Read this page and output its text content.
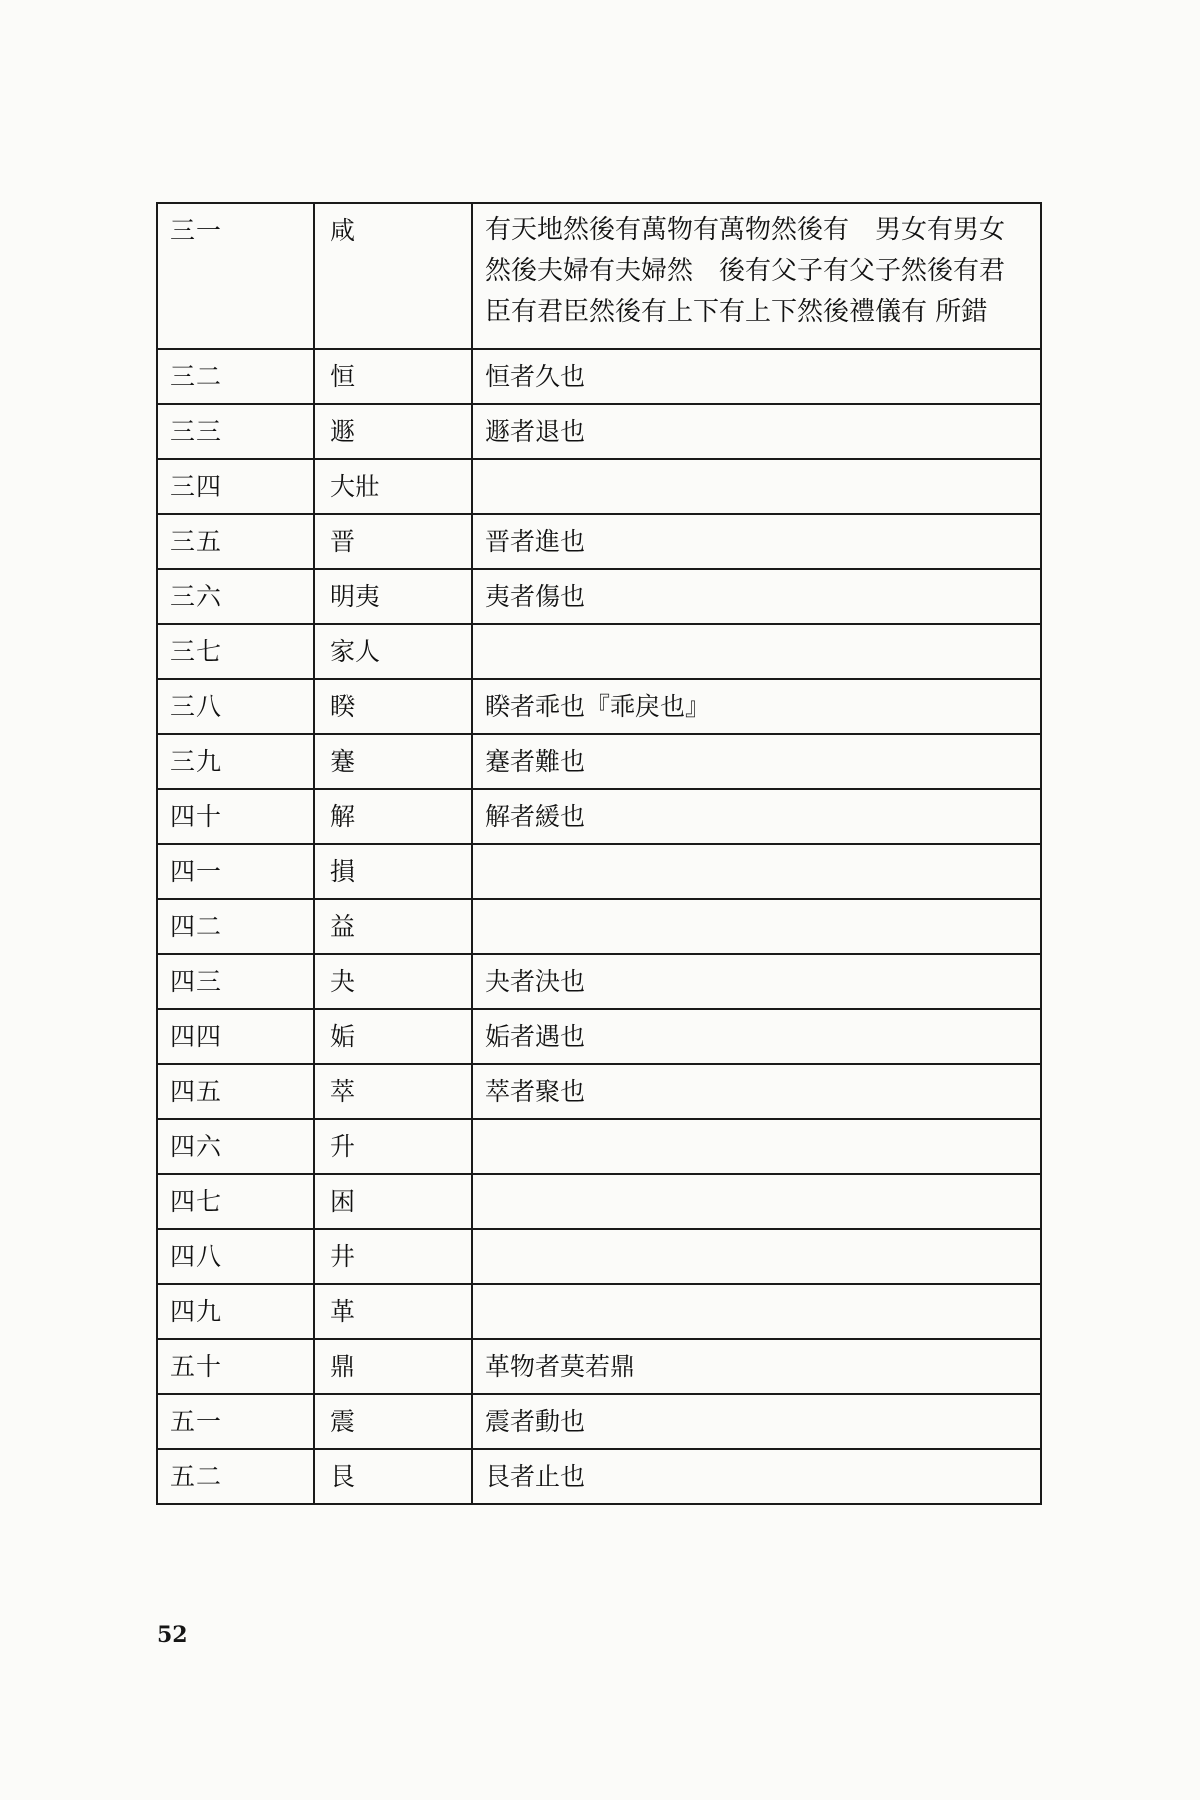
三一	咸	有天地然後有萬物有萬物然後有　男女有男女然後夫婦有夫婦然　後有父子有父子然後有君　臣有君臣然後有上下有上下然後禮儀有 所錯
三二	恒	恒者久也
三三	遯	遯者退也
三四	大壯	
三五	晋	晋者進也
三六	明夷	夷者傷也
三七	家人	
三八	睽	睽者乖也『乖戾也』
三九	蹇	蹇者難也
四十	解	解者緩也
四一	損	
四二	益	
四三	夬	夬者決也
四四	姤	姤者遇也
四五	萃	萃者聚也
四六	升	
四七	困	
四八	井	
四九	革	
五十	鼎	革物者莫若鼎
五一	震	震者動也
五二	艮	艮者止也
52
